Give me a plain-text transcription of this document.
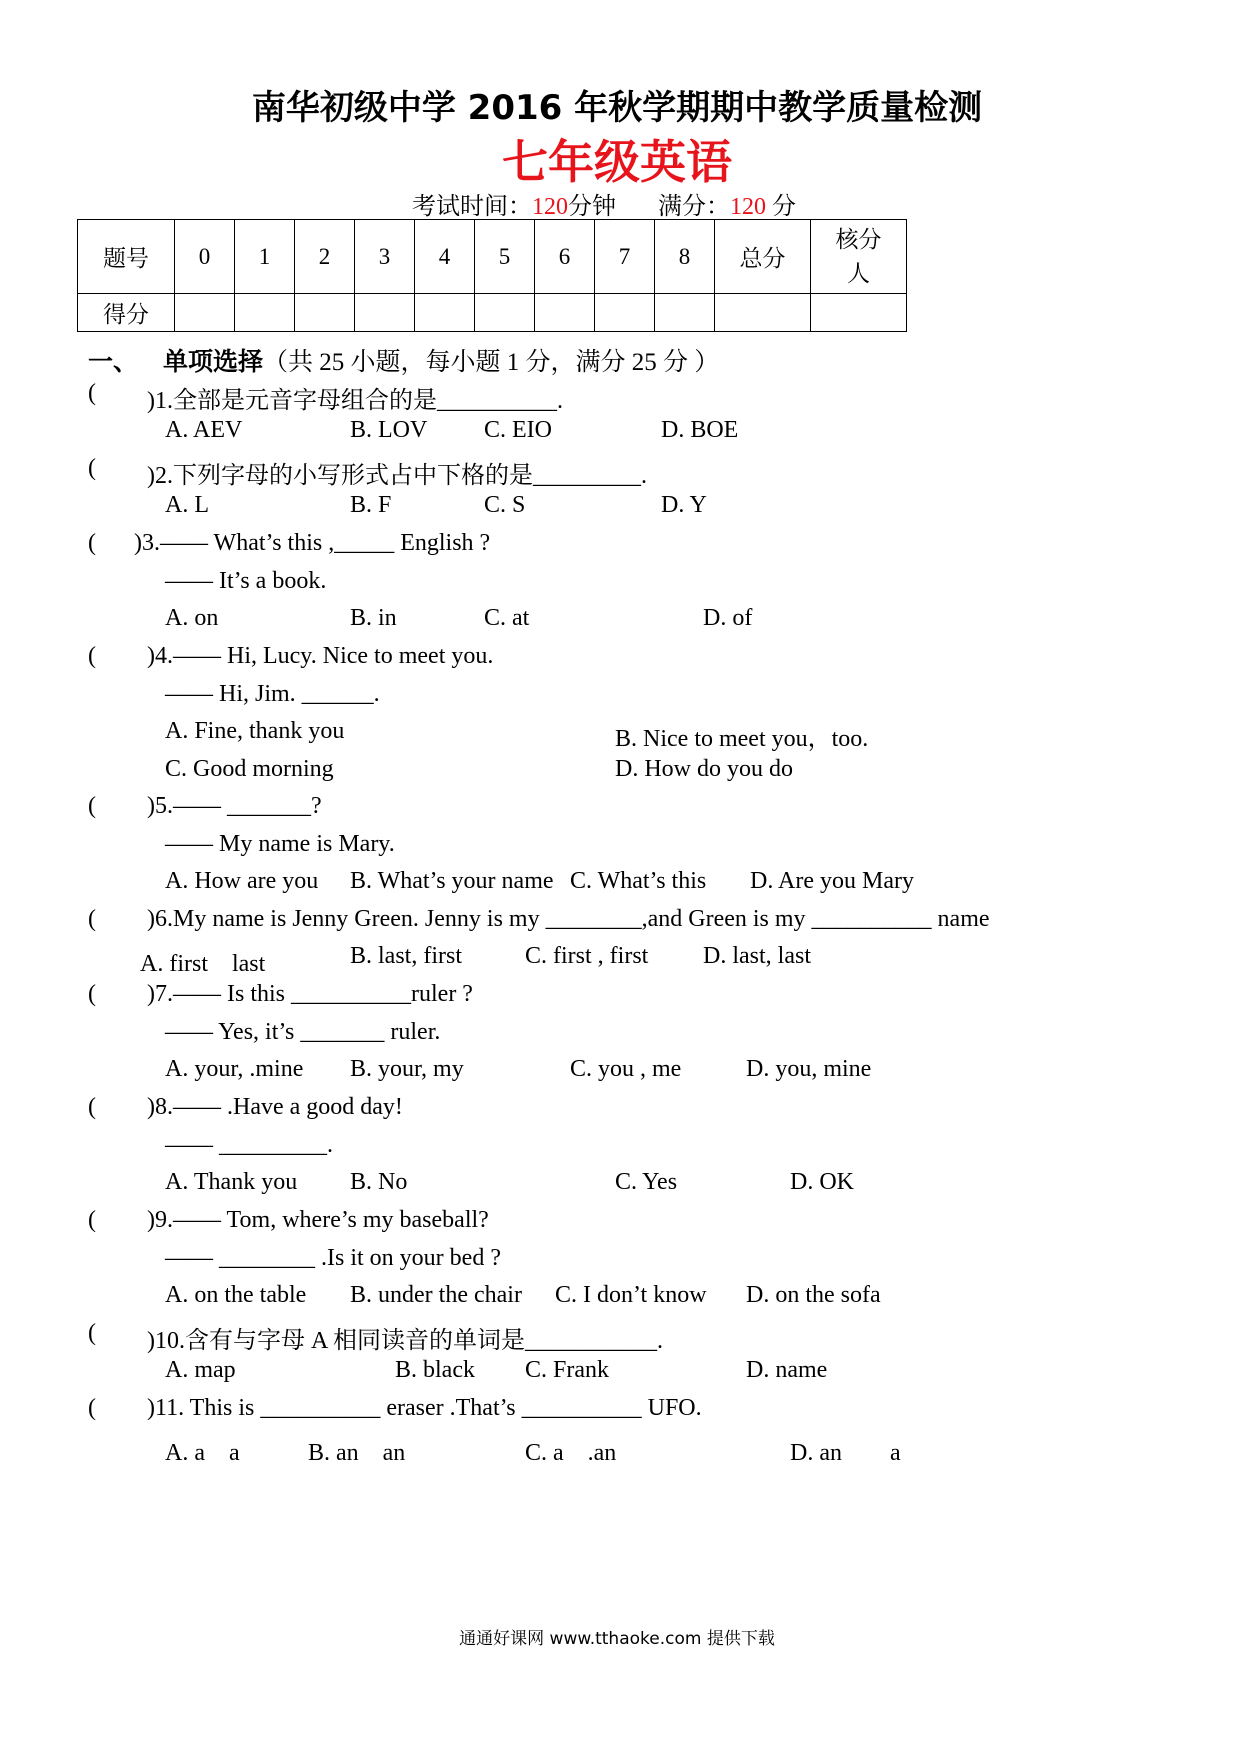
南华初级中学 2016 年秋学期期中教学质量检测
七年级英语
考试时间：120分钟 满分：120 分
题号	0	1	2	3	4	5	6	7	8	总分	核分
人

得分											
一、 单项选择（共 25 小题，每小题 1 分，满分 25 分 ）
( )1.全部是元音字母组合的是__________.
A. AEV	B. LOV C. EIO	D. BOE
( )2.下列字母的小写形式占中下格的是_________.
A. L	B. F	C. S	D. Y
( )3.—— What’s this ,_____ English ?
—— It’s a book.
A. on	B. in	C. at	D. of
( )4.—— Hi, Lucy. Nice to meet you.
—— Hi, Jim. ______.
A. Fine, thank you	B. Nice to meet you，too.
C. Good morning	D. How do you do
( )5.—— _______?
—— My name is Mary.
A. How are you B. What’s your name C. What’s this D. Are you Mary
( )6.My name is Jenny Green. Jenny is my ________,and Green is my __________ name
A. first　last	B. last, first	C. first , first D. last, last
( )7.—— Is this __________ruler ?
—— Yes, it’s _______ ruler.
A. your, .mine B. your, my	C. you , me	D. you, mine
( )8.—— .Have a good day!
—— _________.
A. Thank you B. No	C. Yes	D. OK
( )9.—— Tom, where’s my baseball?
—— ________ .Is it on your bed ?
A. on the table B. under the chair C. I don’t know D. on the sofa
( )10.含有与字母 A 相同读音的单词是___________.
A. map	B. black C. Frank	D. name
( )11. This is __________ eraser .That’s __________ UFO.
A. a　a	B. an　an	C. a　.an	D. an　　a
通通好课网 www.tthaoke.com 提供下载
